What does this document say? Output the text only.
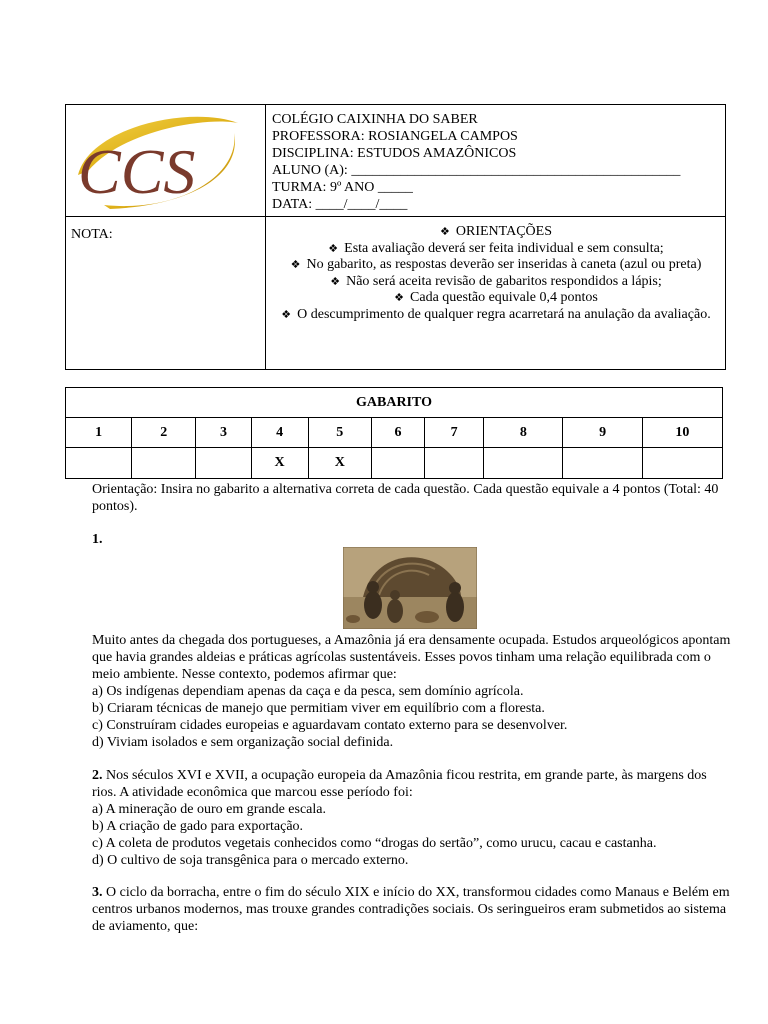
CCS
COLÉGIO CAIXINHA DO SABER
PROFESSORA: ROSIANGELA CAMPOS
DISCIPLINA: ESTUDOS AMAZÔNICOS
ALUNO (A): _______________________________________________
TURMA: 9º ANO _____
DATA: ____/____/____
NOTA:	❖ ORIENTAÇÕES
❖ Esta avaliação deverá ser feita individual e sem consulta;
❖ No gabarito, as respostas deverão ser inseridas à caneta (azul ou preta)
❖ Não será aceita revisão de gabaritos respondidos a lápis;
❖ Cada questão equivale 0,4 pontos
❖ O descumprimento de qualquer regra acarretará na anulação da avaliação.
GABARITO									
1	2	3	4	5	6	7	8	9	10
			X	X					
Orientação: Insira no gabarito a alternativa correta de cada questão. Cada questão equivale a 4 pontos (Total: 40 pontos).
1.

Muito antes da chegada dos portugueses, a Amazônia já era densamente ocupada. Estudos arqueológicos apontam que havia grandes aldeias e práticas agrícolas sustentáveis. Esses povos tinham uma relação equilibrada com o meio ambiente. Nesse contexto, podemos afirmar que:

a) Os indígenas dependiam apenas da caça e da pesca, sem domínio agrícola.

b) Criaram técnicas de manejo que permitiam viver em equilíbrio com a floresta.

c) Construíram cidades europeias e aguardavam contato externo para se desenvolver.

d) Viviam isolados e sem organização social definida.

2. Nos séculos XVI e XVII, a ocupação europeia da Amazônia ficou restrita, em grande parte, às margens dos rios. A atividade econômica que marcou esse período foi:

a) A mineração de ouro em grande escala.

b) A criação de gado para exportação.

c) A coleta de produtos vegetais conhecidos como “drogas do sertão”, como urucu, cacau e castanha.

d) O cultivo de soja transgênica para o mercado externo.

3. O ciclo da borracha, entre o fim do século XIX e início do XX, transformou cidades como Manaus e Belém em centros urbanos modernos, mas trouxe grandes contradições sociais. Os seringueiros eram submetidos ao sistema de aviamento, que:
